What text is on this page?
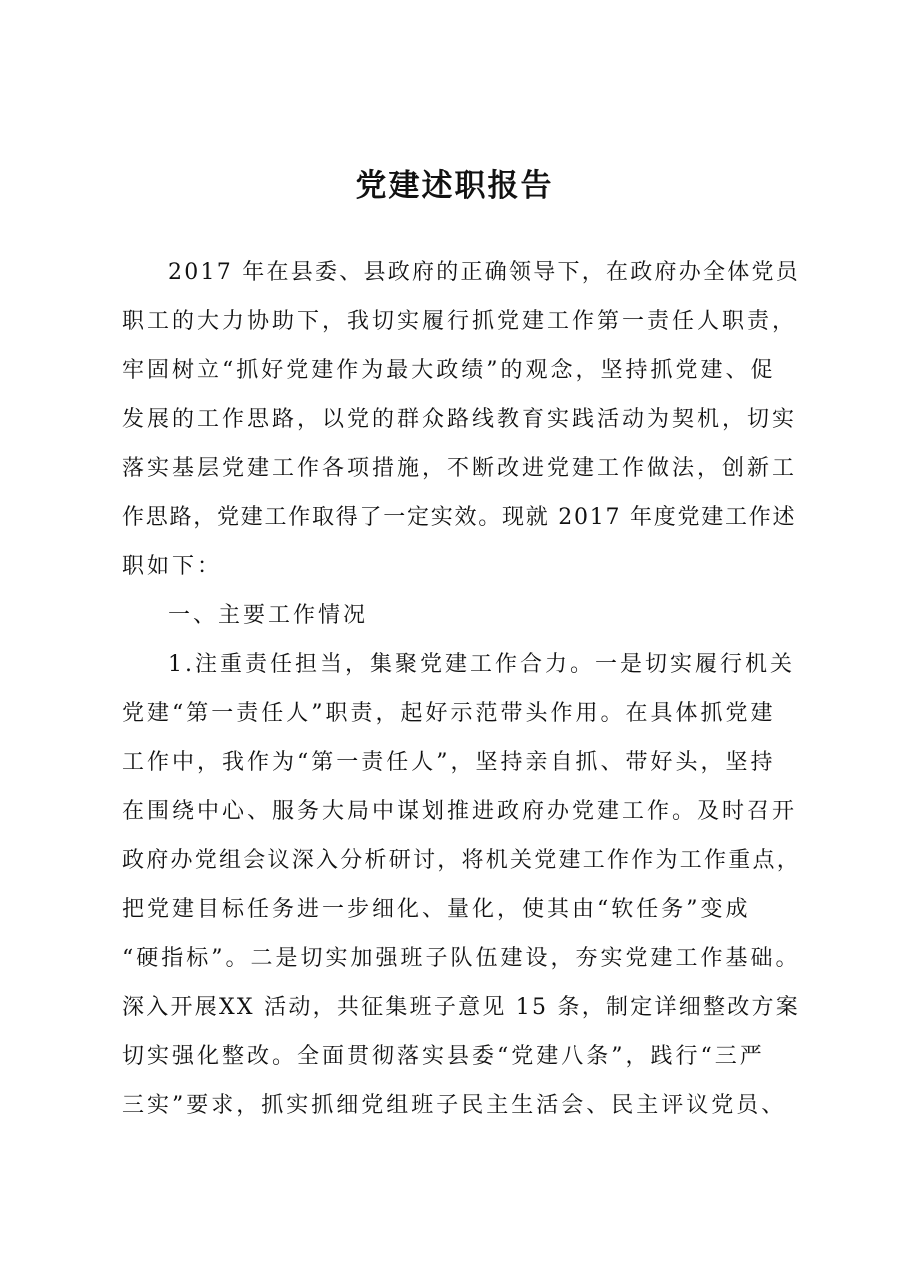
党建述职报告

2017 年在县委、县政府的正确领导下，在政府办全体党员

职工的大力协助下，我切实履行抓党建工作第一责任人职责，

牢固树立“抓好党建作为最大政绩”的观念，坚持抓党建、促

发展的工作思路，以党的群众路线教育实践活动为契机，切实

落实基层党建工作各项措施，不断改进党建工作做法，创新工

作思路，党建工作取得了一定实效。现就 2017 年度党建工作述

职如下：

一、主要工作情况

1.注重责任担当，集聚党建工作合力。一是切实履行机关

党建“第一责任人”职责，起好示范带头作用。在具体抓党建

工作中，我作为“第一责任人”，坚持亲自抓、带好头，坚持

在围绕中心、服务大局中谋划推进政府办党建工作。及时召开

政府办党组会议深入分析研讨，将机关党建工作作为工作重点，

把党建目标任务进一步细化、量化，使其由“软任务”变成

“硬指标”。二是切实加强班子队伍建设，夯实党建工作基础。

深入开展XX 活动，共征集班子意见 15 条，制定详细整改方案

切实强化整改。全面贯彻落实县委“党建八条”，践行“三严

三实”要求，抓实抓细党组班子民主生活会、民主评议党员、
